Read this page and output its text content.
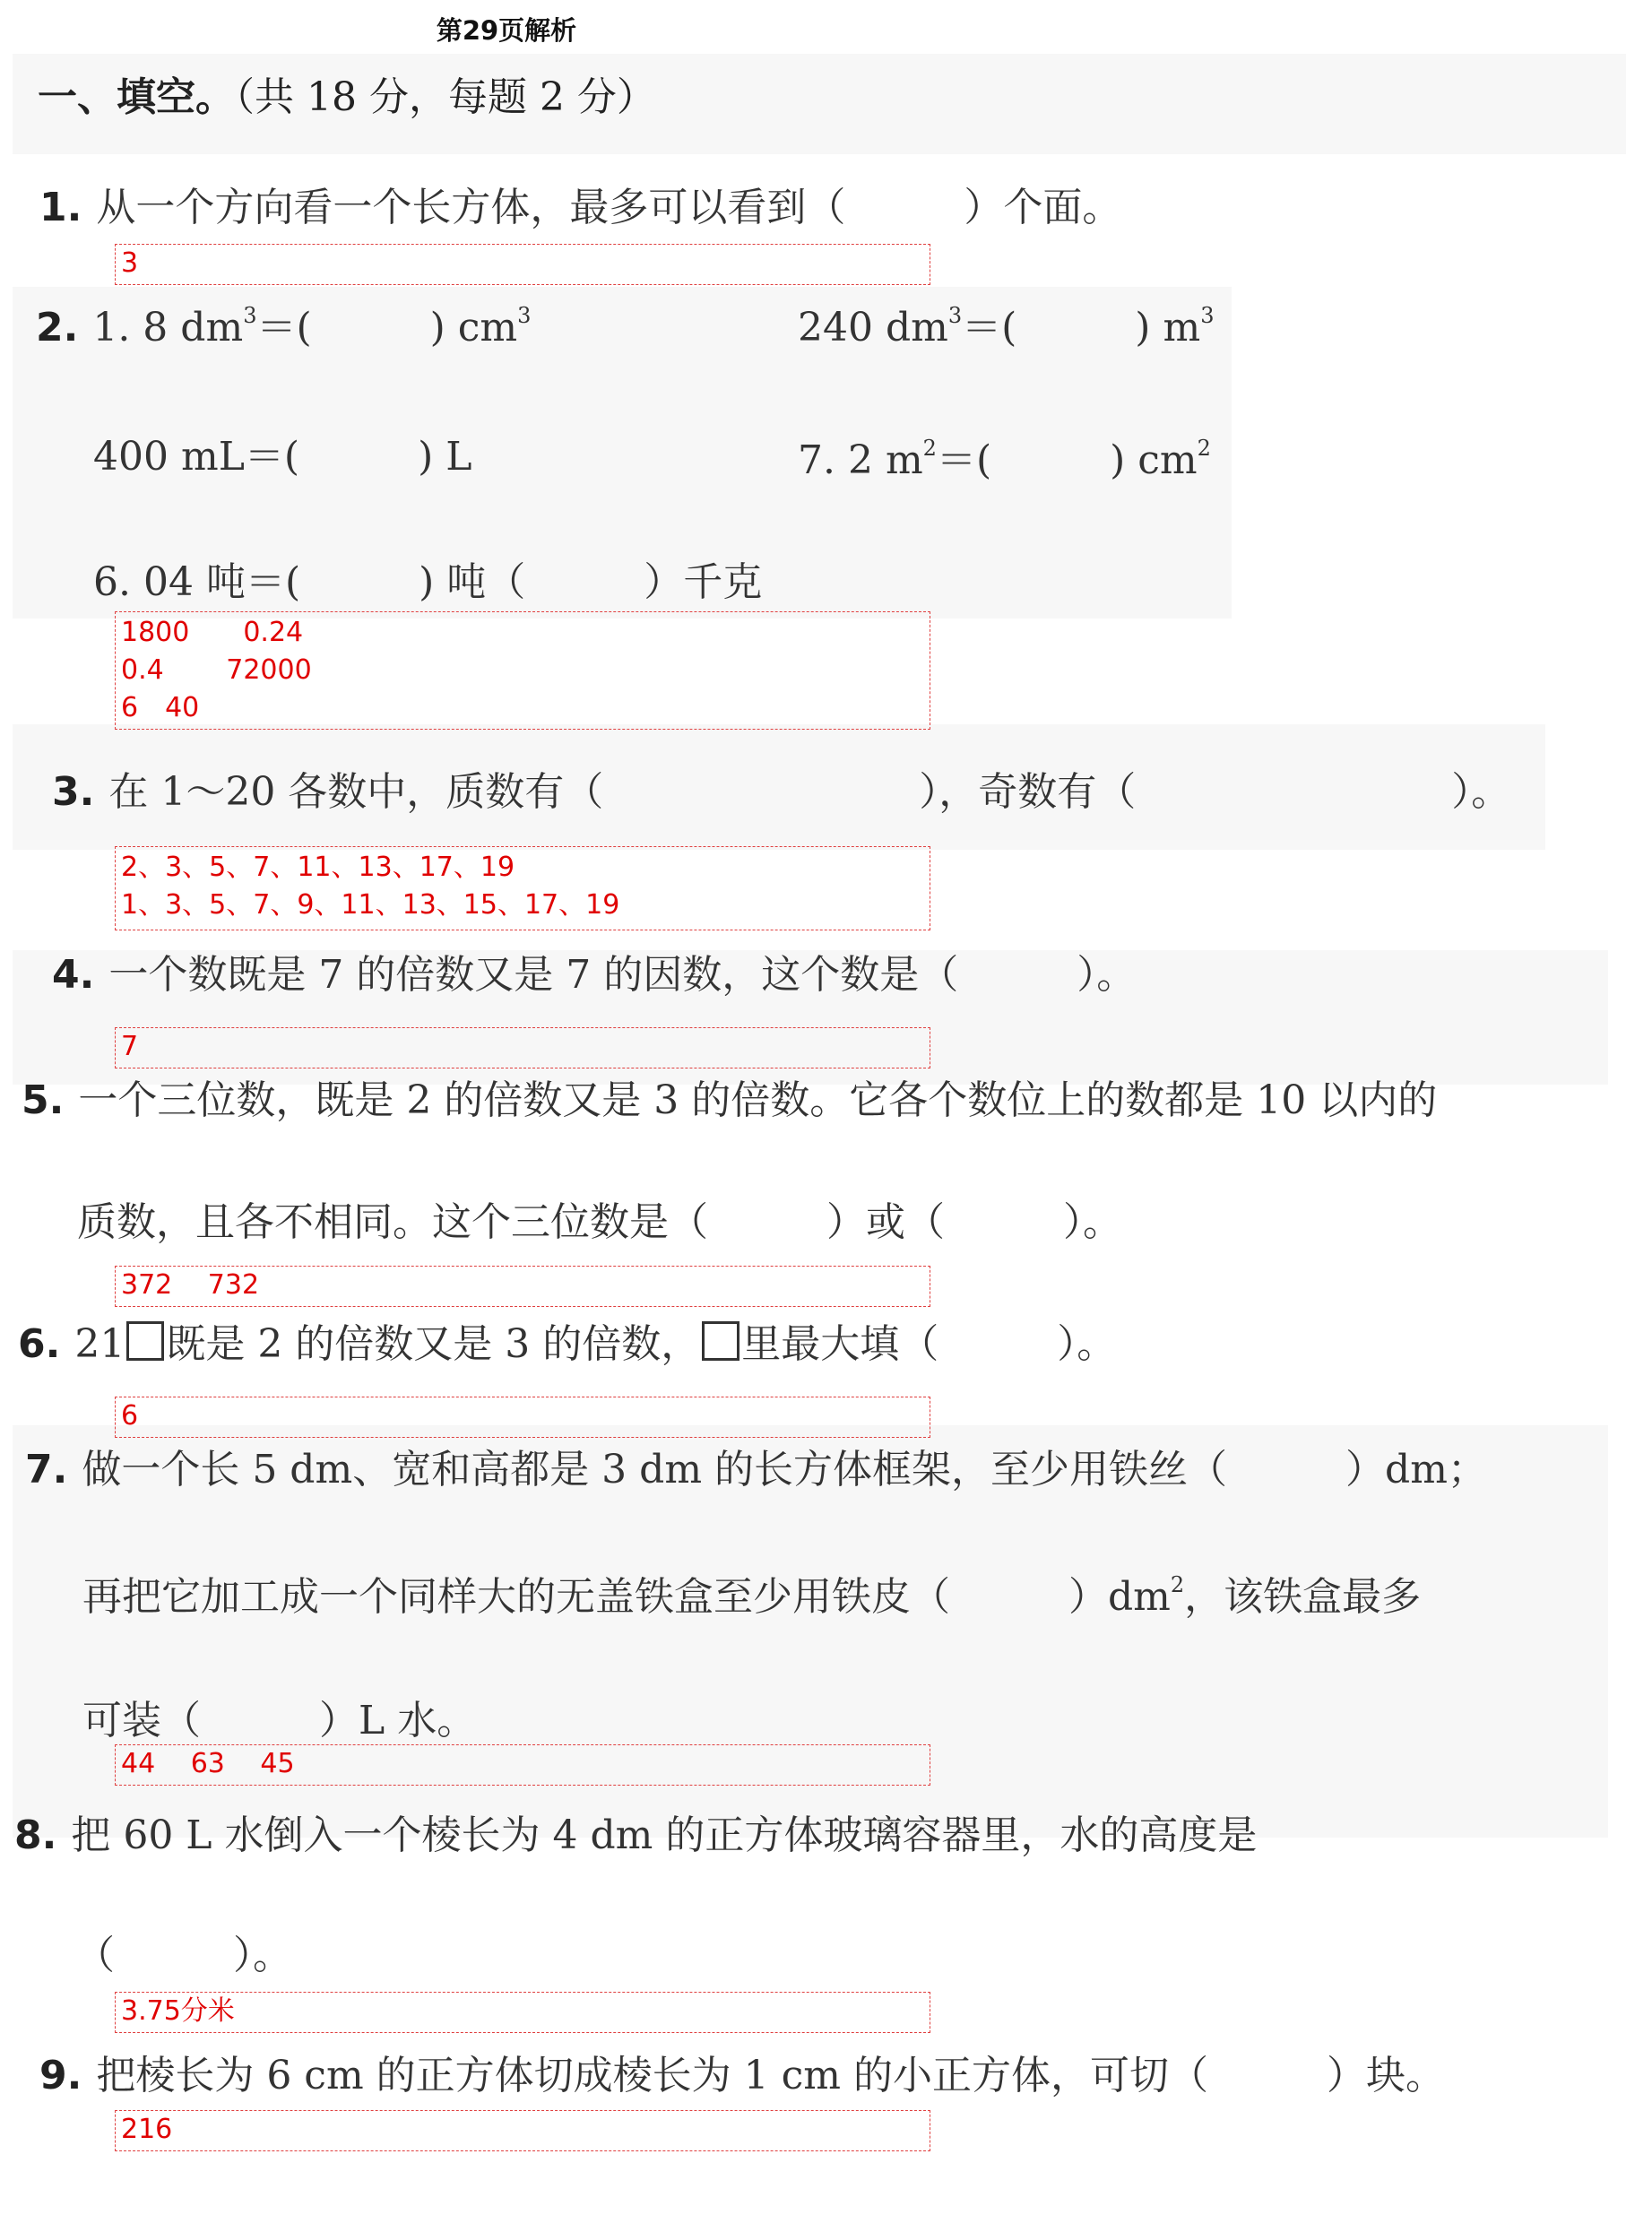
第29页解析
一、填空。（共 18 分，每题 2 分）
1. 从一个方向看一个长方体，最多可以看到（　　　）个面。
3
2. 1. 8 $dm^3=$(　　　) $cm^3$	240 $dm^3=$(　　　) $m^3$
400 mL＝(　　　) L	7. 2 $m^2=$(　　　) $cm^2$
6. 04 吨＝(　　　) 吨（　　　）千克
1800　　0.24
0.4　　 72000
6　40
3. 在 1～20 各数中，质数有（　　　　　　　　），奇数有（　　　　　　　　）。
2、3、5、7、11、13、17、19
1、3、5、7、9、11、13、15、17、19
4. 一个数既是 7 的倍数又是 7 的因数，这个数是（　　　）。
7
5. 一个三位数，既是 2 的倍数又是 3 的倍数。它各个数位上的数都是 10 以内的
质数，且各不相同。这个三位数是（　　　）或（　　　）。
372　 732
6. 21 既是 2 的倍数又是 3 的倍数， 里最大填（　　　）。
6
7. 做一个长 5 dm、宽和高都是 3 dm 的长方体框架，至少用铁丝（　　　）dm；
再把它加工成一个同样大的无盖铁盒至少用铁皮（　　　）$dm^2$，该铁盒最多
可装（　　　）L 水。
44　 63　 45
8. 把 60 L 水倒入一个棱长为 4 dm 的正方体玻璃容器里，水的高度是
（　　　）。
3.75分米
9. 把棱长为 6 cm 的正方体切成棱长为 1 cm 的小正方体，可切（　　　）块。
216
